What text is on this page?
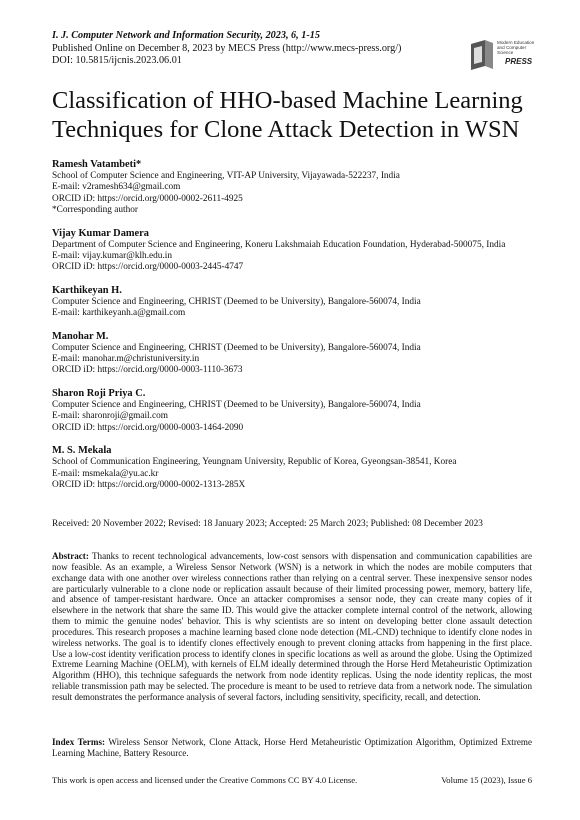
I. J. Computer Network and Information Security, 2023, 6, 1-15
Published Online on December 8, 2023 by MECS Press (http://www.mecs-press.org/)
DOI: 10.5815/ijcnis.2023.06.01
Modern Education
and Computer Science
PRESS
Classification of HHO-based Machine Learning Techniques for Clone Attack Detection in WSN
Ramesh Vatambeti*
School of Computer Science and Engineering, VIT-AP University, Vijayawada-522237, India
E-mail: v2ramesh634@gmail.com
ORCID iD: https://orcid.org/0000-0002-2611-4925
*Corresponding author
Vijay Kumar Damera
Department of Computer Science and Engineering, Koneru Lakshmaiah Education Foundation, Hyderabad-500075, India
E-mail: vijay.kumar@klh.edu.in
ORCID iD: https://orcid.org/0000-0003-2445-4747
Karthikeyan H.
Computer Science and Engineering, CHRIST (Deemed to be University), Bangalore-560074, India
E-mail: karthikeyanh.a@gmail.com
Manohar M.
Computer Science and Engineering, CHRIST (Deemed to be University), Bangalore-560074, India
E-mail: manohar.m@christuniversity.in
ORCID iD: https://orcid.org/0000-0003-1110-3673
Sharon Roji Priya C.
Computer Science and Engineering, CHRIST (Deemed to be University), Bangalore-560074, India
E-mail: sharonroji@gmail.com
ORCID iD: https://orcid.org/0000-0003-1464-2090
M. S. Mekala
School of Communication Engineering, Yeungnam University, Republic of Korea, Gyeongsan-38541, Korea
E-mail: msmekala@yu.ac.kr
ORCID iD: https://orcid.org/0000-0002-1313-285X
Received: 20 November 2022; Revised: 18 January 2023; Accepted: 25 March 2023; Published: 08 December 2023
Abstract: Thanks to recent technological advancements, low-cost sensors with dispensation and communication capabilities are now feasible. As an example, a Wireless Sensor Network (WSN) is a network in which the nodes are mobile computers that exchange data with one another over wireless connections rather than relying on a central server. These inexpensive sensor nodes are particularly vulnerable to a clone node or replication assault because of their limited processing power, memory, battery life, and absence of tamper-resistant hardware. Once an attacker compromises a sensor node, they can create many copies of it elsewhere in the network that share the same ID. This would give the attacker complete internal control of the network, allowing them to mimic the genuine nodes' behavior. This is why scientists are so intent on developing better clone assault detection procedures. This research proposes a machine learning based clone node detection (ML-CND) technique to identify clone nodes in wireless networks. The goal is to identify clones effectively enough to prevent cloning attacks from happening in the first place. Use a low-cost identity verification process to identify clones in specific locations as well as around the globe. Using the Optimized Extreme Learning Machine (OELM), with kernels of ELM ideally determined through the Horse Herd Metaheuristic Optimization Algorithm (HHO), this technique safeguards the network from node identity replicas. Using the node identity replicas, the most reliable transmission path may be selected. The procedure is meant to be used to retrieve data from a network node. The simulation result demonstrates the performance analysis of several factors, including sensitivity, specificity, recall, and detection.
Index Terms: Wireless Sensor Network, Clone Attack, Horse Herd Metaheuristic Optimization Algorithm, Optimized Extreme Learning Machine, Battery Resource.
This work is open access and licensed under the Creative Commons CC BY 4.0 License.	Volume 15 (2023), Issue 6
